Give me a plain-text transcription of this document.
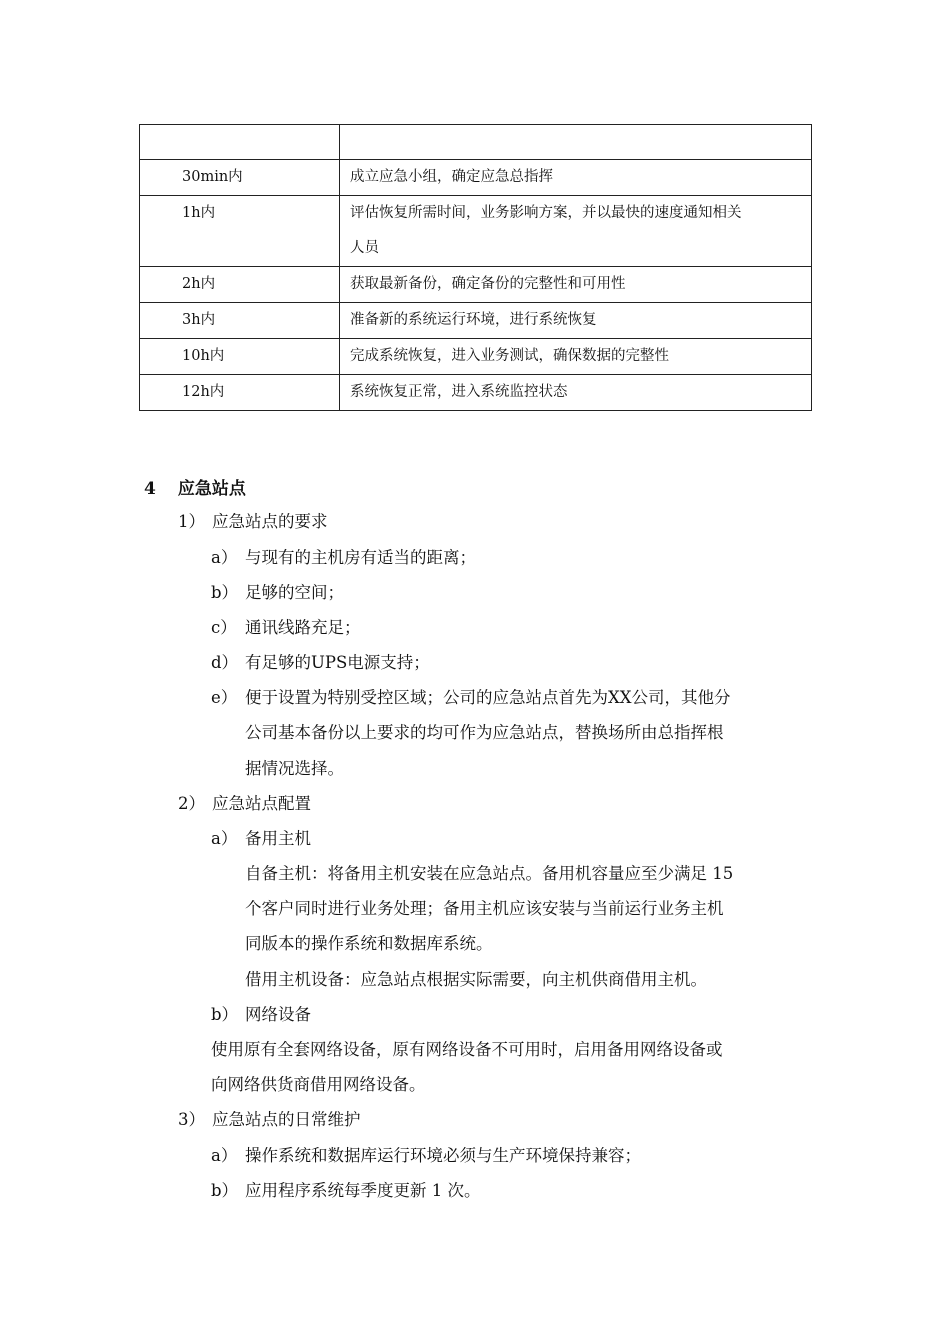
30min内	成立应急小组，确定应急总指挥
1h内	评估恢复所需时间，业务影响方案，并以最快的速度通知相关
人员
2h内	获取最新备份，确定备份的完整性和可用性
3h内	准备新的系统运行环境，进行系统恢复
10h内	完成系统恢复，进入业务测试，确保数据的完整性
12h内	系统恢复正常，进入系统监控状态
4 应急站点
1） 应急站点的要求
a） 与现有的主机房有适当的距离；
b） 足够的空间；
c） 通讯线路充足；
d） 有足够的UPS电源支持；
e） 便于设置为特别受控区域；公司的应急站点首先为XX公司，其他分
公司基本备份以上要求的均可作为应急站点，替换场所由总指挥根
据情况选择。
2） 应急站点配置
a） 备用主机
自备主机：将备用主机安装在应急站点。备用机容量应至少满足 15
个客户同时进行业务处理；备用主机应该安装与当前运行业务主机
同版本的操作系统和数据库系统。
借用主机设备：应急站点根据实际需要，向主机供商借用主机。
b） 网络设备
使用原有全套网络设备，原有网络设备不可用时，启用备用网络设备或
向网络供货商借用网络设备。
3） 应急站点的日常维护
a） 操作系统和数据库运行环境必须与生产环境保持兼容；
b） 应用程序系统每季度更新 1 次。
